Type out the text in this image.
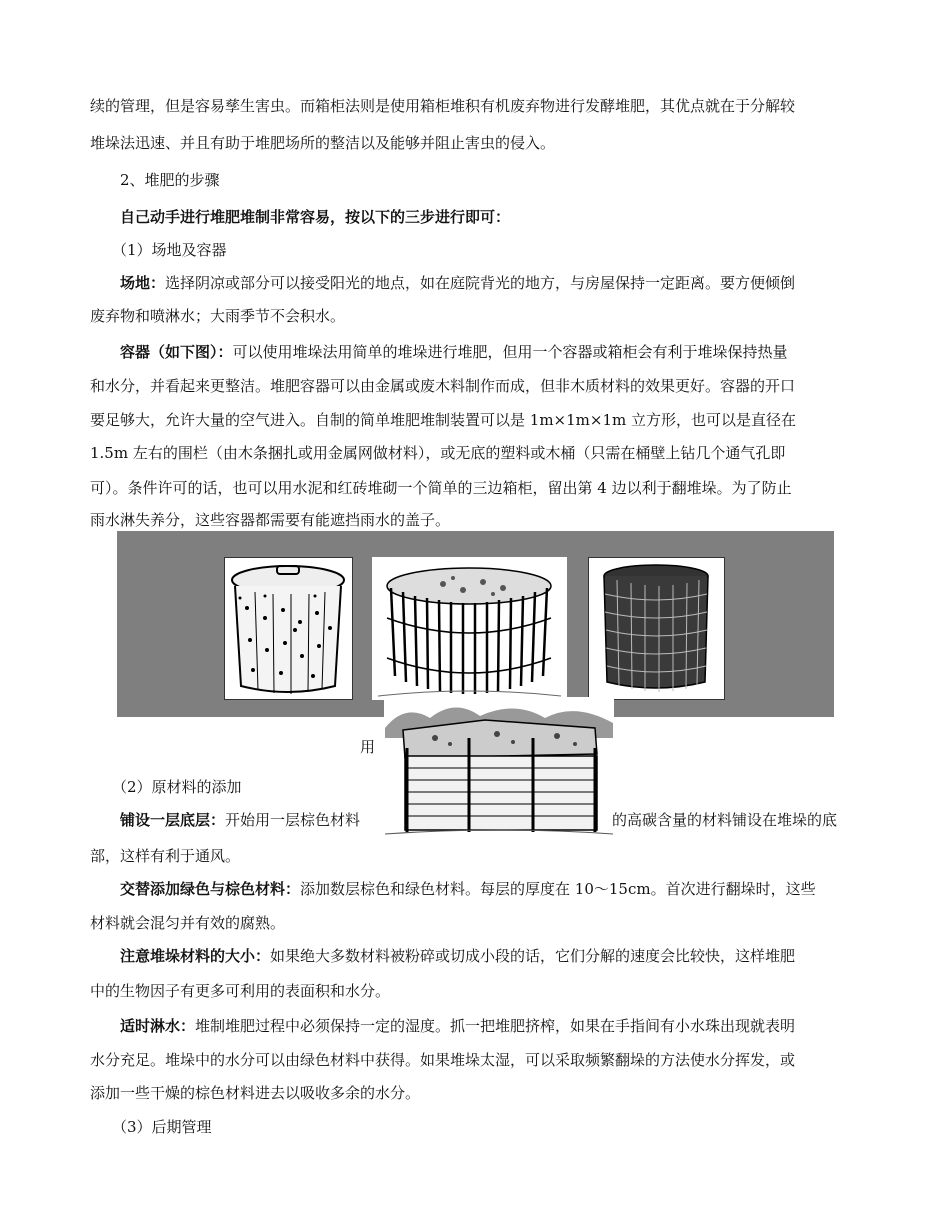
续的管理，但是容易孳生害虫。而箱柜法则是使用箱柜堆积有机废弃物进行发酵堆肥，其优点就在于分解较
堆垛法迅速、并且有助于堆肥场所的整洁以及能够并阻止害虫的侵入。
2、堆肥的步骤
自己动手进行堆肥堆制非常容易，按以下的三步进行即可：
（1）场地及容器
场地：选择阴凉或部分可以接受阳光的地点，如在庭院背光的地方，与房屋保持一定距离。要方便倾倒
废弃物和喷淋水；大雨季节不会积水。
容器（如下图）：可以使用堆垛法用简单的堆垛进行堆肥，但用一个容器或箱柜会有利于堆垛保持热量
和水分，并看起来更整洁。堆肥容器可以由金属或废木料制作而成，但非木质材料的效果更好。容器的开口
要足够大，允许大量的空气进入。自制的简单堆肥堆制装置可以是 1m×1m×1m 立方形，也可以是直径在
1.5m 左右的围栏（由木条捆扎或用金属网做材料），或无底的塑料或木桶（只需在桶壁上钻几个通气孔即
可）。条件许可的话，也可以用水泥和红砖堆砌一个简单的三边箱柜，留出第 4 边以利于翻堆垛。为了防止
雨水淋失养分，这些容器都需要有能遮挡雨水的盖子。
用
（2）原材料的添加
铺设一层底层：开始用一层棕色材料	的高碳含量的材料铺设在堆垛的底
部，这样有利于通风。
交替添加绿色与棕色材料：添加数层棕色和绿色材料。每层的厚度在 10～15cm。首次进行翻垛时，这些
材料就会混匀并有效的腐熟。
注意堆垛材料的大小：如果绝大多数材料被粉碎或切成小段的话，它们分解的速度会比较快，这样堆肥
中的生物因子有更多可利用的表面积和水分。
适时淋水：堆制堆肥过程中必须保持一定的湿度。抓一把堆肥挤榨，如果在手指间有小水珠出现就表明
水分充足。堆垛中的水分可以由绿色材料中获得。如果堆垛太湿，可以采取频繁翻垛的方法使水分挥发，或
添加一些干燥的棕色材料进去以吸收多余的水分。
（3）后期管理
